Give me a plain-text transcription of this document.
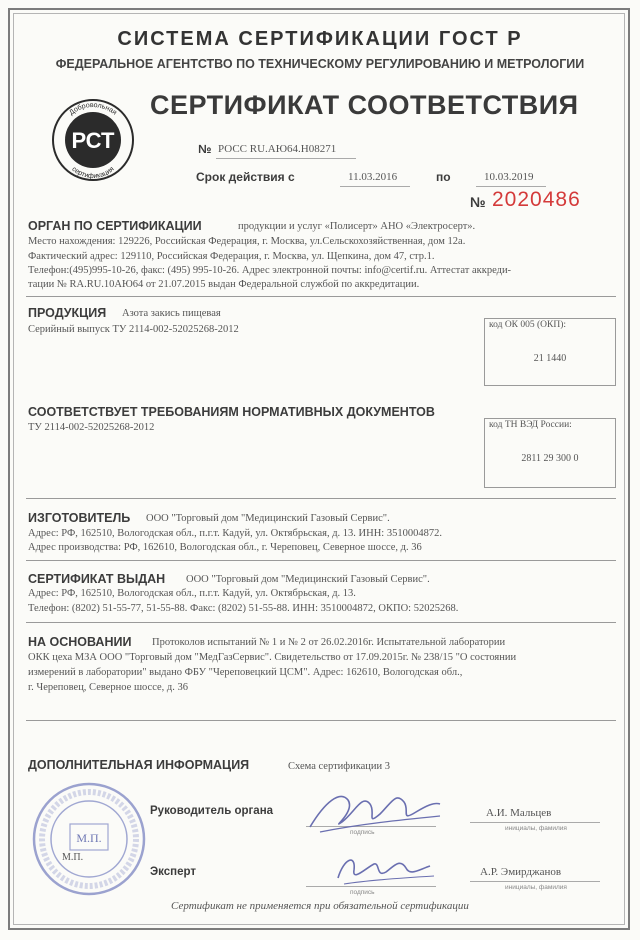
СИСТЕМА СЕРТИФИКАЦИИ ГОСТ Р
ФЕДЕРАЛЬНОЕ АГЕНТСТВО ПО ТЕХНИЧЕСКОМУ РЕГУЛИРОВАНИЮ И МЕТРОЛОГИИ
РСТ
Добровольная
сертификация
СЕРТИФИКАТ СООТВЕТСТВИЯ
№ РОСС RU.АЮ64.Н08271
Срок действия с	11.03.2016	по	10.03.2019
№ 2020486
ОРГАН ПО СЕРТИФИКАЦИИ	продукции и услуг «Полисерт» АНО «Электросерт».
Место нахождения: 129226, Российская Федерация, г. Москва, ул.Сельскохозяйственная, дом 12а.
Фактический адрес: 129110, Российская Федерация, г. Москва, ул. Щепкина, дом 47, стр.1.
Телефон:(495)995-10-26, факс: (495) 995-10-26. Адрес электронной почты: info@certif.ru. Аттестат аккреди-
тации № RA.RU.10АЮ64 от 21.07.2015 выдан Федеральной службой по аккредитации.
ПРОДУКЦИЯ Азота закись пищевая
Серийный выпуск ТУ 2114-002-52025268-2012	код ОК 005 (ОКП):
21 1440
СООТВЕТСТВУЕТ ТРЕБОВАНИЯМ НОРМАТИВНЫХ ДОКУМЕНТОВ
ТУ 2114-002-52025268-2012	код ТН ВЭД России:
2811 29 300 0
ИЗГОТОВИТЕЛЬ ООО "Торговый дом "Медицинский Газовый Сервис".
Адрес: РФ, 162510, Вологодская обл., п.г.т. Кадуй, ул. Октябрьская, д. 13. ИНН: 3510004872.
Адрес производства: РФ, 162610, Вологодская обл., г. Череповец, Северное шоссе, д. 36
СЕРТИФИКАТ ВЫДАН ООО "Торговый дом "Медицинский Газовый Сервис".
Адрес: РФ, 162510, Вологодская обл., п.г.т. Кадуй, ул. Октябрьская, д. 13.
Телефон: (8202) 51-55-77, 51-55-88. Факс: (8202) 51-55-88. ИНН: 3510004872, ОКПО: 52025268.
НА ОСНОВАНИИ Протоколов испытаний № 1 и № 2 от 26.02.2016г. Испытательной лаборатории
ОКК цеха МЗА ООО "Торговый дом "МедГазСервис". Свидетельство от 17.09.2015г. № 238/15 "О состоянии
измерений в лаборатории" выдано ФБУ "Череповецкий ЦСМ". Адрес: 162610, Вологодская обл.,
г. Череповец, Северное шоссе, д. 36
ДОПОЛНИТЕЛЬНАЯ ИНФОРМАЦИЯ	Схема сертификации 3
М.П.
Руководитель органа
подпись
А.И. Мальцев
инициалы, фамилия
Эксперт
подпись
А.Р. Эмирджанов
инициалы, фамилия
М.П.
Сертификат не применяется при обязательной сертификации
